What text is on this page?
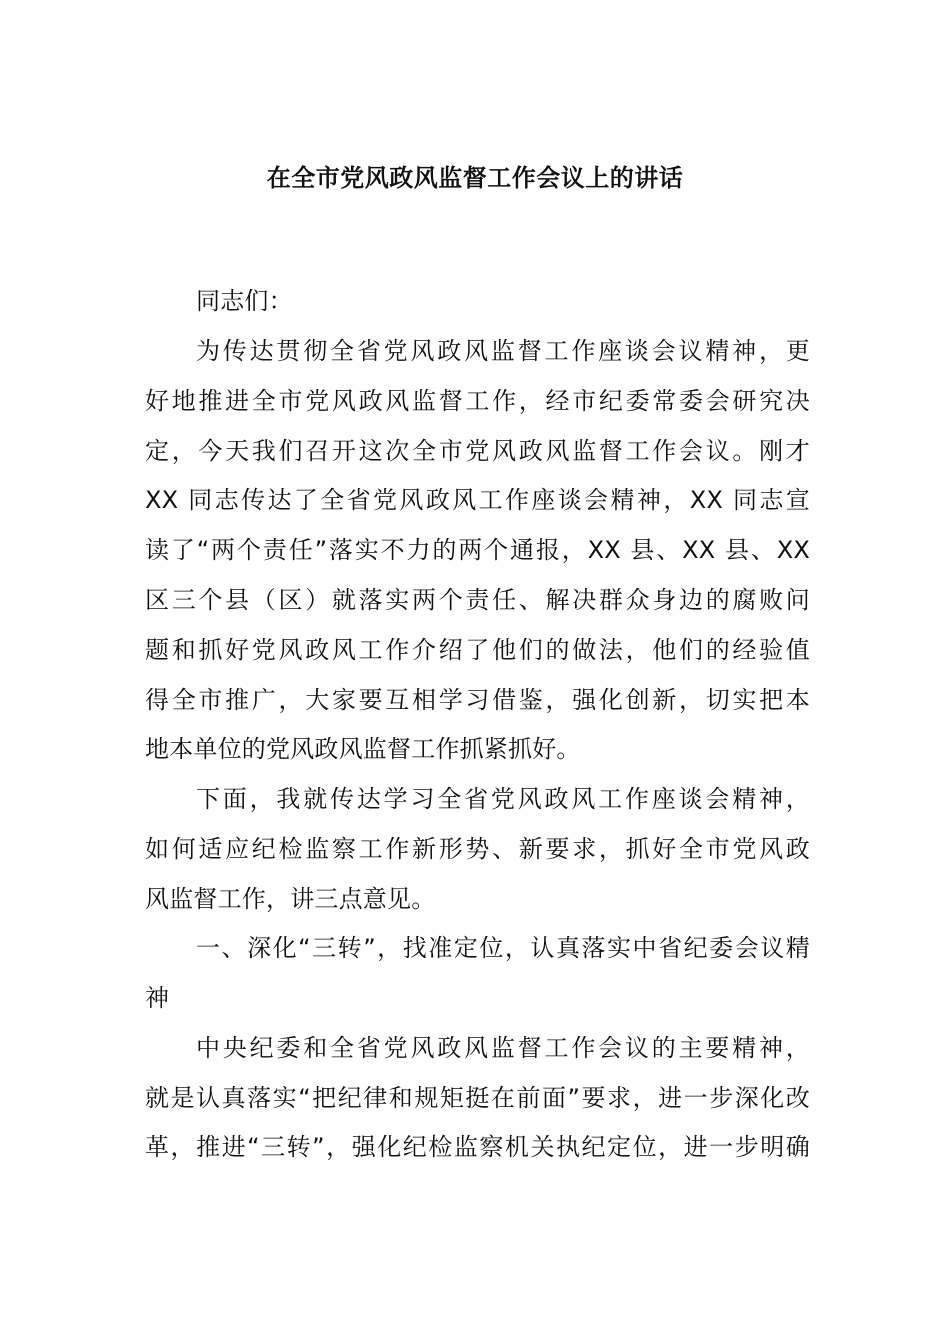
在全市党风政风监督工作会议上的讲话
同志们：
为传达贯彻全省党风政风监督工作座谈会议精神，更
好地推进全市党风政风监督工作，经市纪委常委会研究决
定，今天我们召开这次全市党风政风监督工作会议。刚才
XX 同志传达了全省党风政风工作座谈会精神，XX 同志宣
读了“两个责任”落实不力的两个通报，XX 县、XX 县、XX
区三个县（区）就落实两个责任、解决群众身边的腐败问
题和抓好党风政风工作介绍了他们的做法，他们的经验值
得全市推广，大家要互相学习借鉴，强化创新，切实把本
地本单位的党风政风监督工作抓紧抓好。
下面，我就传达学习全省党风政风工作座谈会精神，
如何适应纪检监察工作新形势、新要求，抓好全市党风政
风监督工作，讲三点意见。
一、深化“三转”，找准定位，认真落实中省纪委会议精
神
中央纪委和全省党风政风监督工作会议的主要精神，
就是认真落实“把纪律和规矩挺在前面”要求，进一步深化改
革，推进“三转”，强化纪检监察机关执纪定位，进一步明确
